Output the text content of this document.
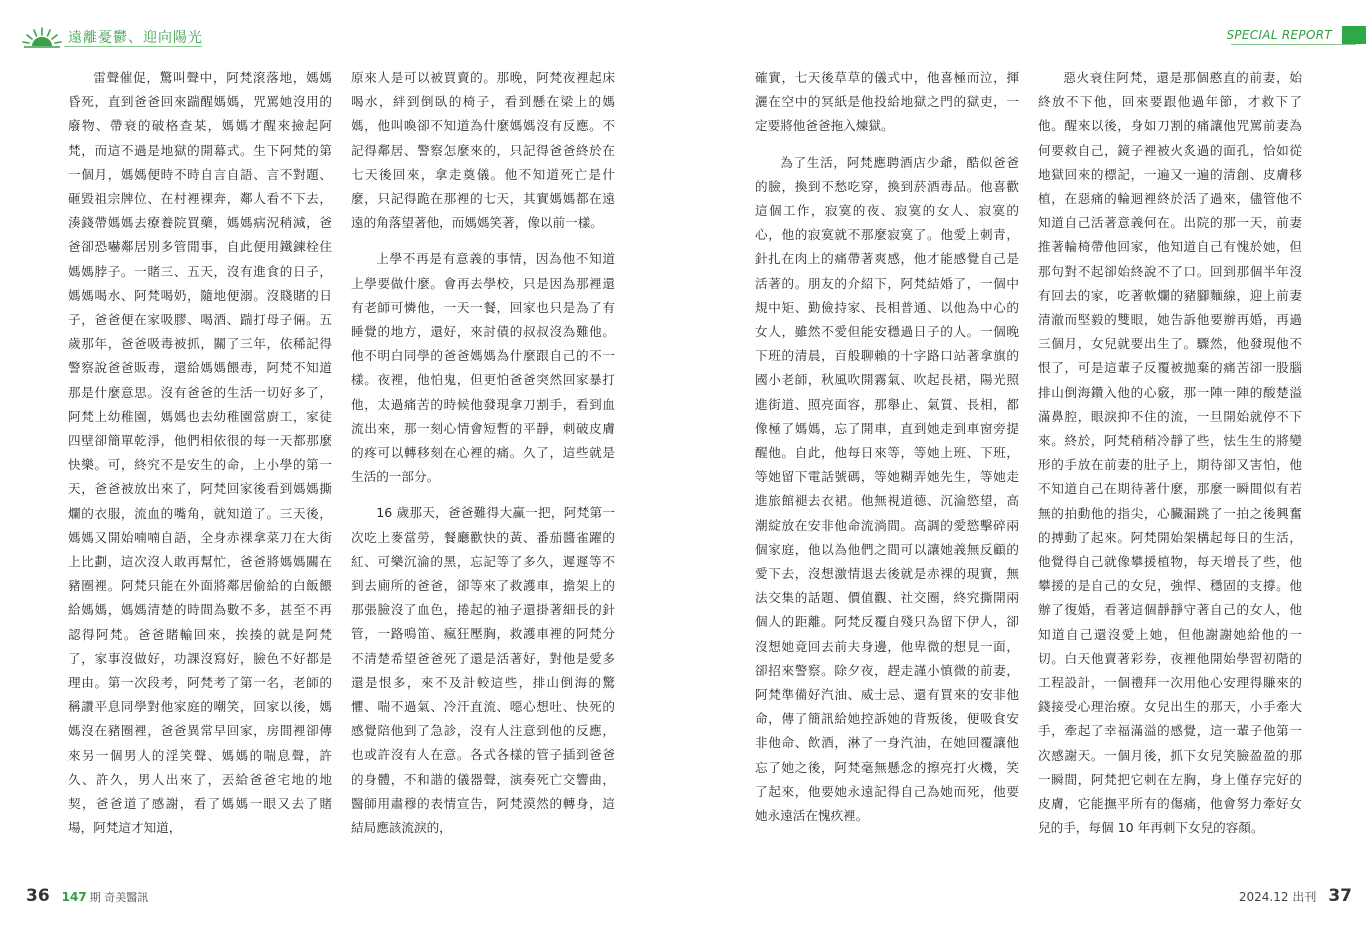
遠離憂鬱、迎向陽光

雷聲催促，驚叫聲中，阿梵滾落地，媽媽昏死，直到爸爸回來踹醒媽媽，咒罵她沒用的廢物、帶衰的破格查某，媽媽才醒來撿起阿梵，而這不過是地獄的開幕式。生下阿梵的第一個月，媽媽便時不時自言自語、言不對題、砸毀祖宗牌位、在村裡裸奔，鄰人看不下去，湊錢帶媽媽去療養院買藥，媽媽病況稍減，爸爸卻恐嚇鄰居別多管閒事，自此便用鐵鍊栓住媽媽脖子。一賭三、五天，沒有進食的日子，媽媽喝水、阿梵喝奶，隨地便溺。沒賤賭的日子，爸爸便在家吸膠、喝酒、踹打母子倆。五歲那年，爸爸吸毒被抓，關了三年，依稀記得警察說爸爸販毒，還給媽媽餵毒，阿梵不知道那是什麼意思。沒有爸爸的生活一切好多了，阿梵上幼稚園，媽媽也去幼稚園當廚工，家徒四壁卻簡單乾淨，他們相依很的每一天都那麼快樂。可，終究不是安生的命，上小學的第一天，爸爸被放出來了，阿梵回家後看到媽媽撕爛的衣服，流血的嘴角，就知道了。三天後，媽媽又開始喃喃自語，全身赤裸拿菜刀在大街上比劃，這次沒人敢再幫忙，爸爸將媽媽關在豬圈裡。阿梵只能在外面將鄰居偷給的白飯餵給媽媽，媽媽清楚的時間為數不多，甚至不再認得阿梵。爸爸賭輸回來，挨揍的就是阿梵了，家事沒做好，功課沒寫好，臉色不好都是理由。第一次段考，阿梵考了第一名，老師的稱讚平息同學對他家庭的嘲笑，回家以後，媽媽沒在豬圈裡，爸爸異常早回家，房間裡卻傳來另一個男人的淫笑聲、媽媽的喘息聲，許久、許久，男人出來了，丟給爸爸宅地的地契，爸爸道了感謝，看了媽媽一眼又去了賭場，阿梵這才知道，

原來人是可以被買賣的。那晚，阿梵夜裡起床喝水，絆到倒臥的椅子，看到懸在梁上的媽媽，他叫喚卻不知道為什麼媽媽沒有反應。不記得鄰居、警察怎麼來的，只記得爸爸終於在七天後回來，拿走奠儀。他不知道死亡是什麼，只記得跪在那裡的七天，其實媽媽都在遠遠的角落望著他，而媽媽笑著，像以前一樣。

上學不再是有意義的事情，因為他不知道上學要做什麼。會再去學校，只是因為那裡還有老師可憐他，一天一餐，回家也只是為了有睡覺的地方，還好，來討債的叔叔沒為難他。他不明白同學的爸爸媽媽為什麼跟自己的不一樣。夜裡，他怕鬼，但更怕爸爸突然回家暴打他，太過痛苦的時候他發現拿刀割手，看到血流出來，那一刻心情會短暫的平靜，刺破皮膚的疼可以轉移刻在心裡的痛。久了，這些就是生活的一部分。

16 歲那天，爸爸難得大赢一把，阿梵第一次吃上麥當勞，餐廳歡快的黃、番茄醬雀躍的紅、可樂沉淪的黑，忘記等了多久，遲遲等不到去廁所的爸爸，卻等來了救護車，擔架上的那張臉沒了血色，捲起的袖子還掛著細長的針管，一路鳴笛、瘋狂壓胸，救護車裡的阿梵分不清楚希望爸爸死了還是活著好，對他是愛多還是恨多，來不及計較這些，排山倒海的驚懼、喘不過氣、冷汗直流、噁心想吐、快死的感覺陪他到了急診，沒有人注意到他的反應，也或許沒有人在意。各式各樣的管子插到爸爸的身體，不和諧的儀器聲，演奏死亡交響曲，醫師用肅穆的表情宣告，阿梵漠然的轉身，這結局應該流淚的，

36 147 期 奇美醫訊
SPECIAL REPORT

確實，七天後草草的儀式中，他喜極而泣，揮灑在空中的冥紙是他投給地獄之門的獄吏，一定要將他爸爸拖入煉獄。

為了生活，阿梵應聘酒店少爺，酷似爸爸的臉，換到不愁吃穿，換到菸酒毒品。他喜歡這個工作，寂寞的夜、寂寞的女人、寂寞的心，他的寂寞就不那麼寂寞了。他愛上刺青，針扎在肉上的痛帶著爽感，他才能感覺自己是活著的。朋友的介紹下，阿梵結婚了，一個中規中矩、勤儉持家、長相普通、以他為中心的女人，雖然不愛但能安穩過日子的人。一個晚下班的清晨，百般聊賴的十字路口站著拿旗的國小老師，秋風吹開霧氣、吹起長裙，陽光照進街道、照亮面容，那舉止、氣質、長相，都像極了媽媽，忘了開車，直到她走到車窗旁提醒他。自此，他每日來等，等她上班、下班，等她留下電話號碼，等她糊弄她先生，等她走進旅館褪去衣裙。他無視道德、沉淪慾望，高潮綻放在安非他命流淌間。高調的愛慾擊碎兩個家庭，他以為他們之間可以讓她義無反顧的愛下去，沒想激情退去後就是赤裸的現實，無法交集的話題、價值觀、社交圈，終究撕開兩個人的距離。阿梵反覆自殘只為留下伊人，卻沒想她竟回去前夫身邊，他卑微的想見一面，卻招來警察。除夕夜，趕走謹小慎微的前妻，阿梵準備好汽油、威士忌、還有買來的安非他命，傳了簡訊給她控訴她的背叛後，便吸食安非他命、飲酒，淋了一身汽油，在她回覆讓他忘了她之後，阿梵毫無懸念的擦亮打火機，笑了起來，他要她永遠記得自己為她而死，他要她永遠活在愧疚裡。

惡火衰住阿梵，還是那個憨直的前妻，始終放不下他，回來要跟他過年節，才救下了他。醒來以後，身如刀割的痛讓他咒罵前妻為何要救自己，鏡子裡被火炙過的面孔，恰如從地獄回來的標記，一遍又一遍的清創、皮膚移植，在惡痛的輪迴裡終於活了過來，儘管他不知道自己活著意義何在。出院的那一天，前妻推著輪椅帶他回家，他知道自己有愧於她，但那句對不起卻始終說不了口。回到那個半年沒有回去的家，吃著軟爛的豬腳麵線，迎上前妻清澈而堅毅的雙眼，她告訴他要辦再婚，再過三個月，女兒就要出生了。驟然，他發現他不恨了，可是這輩子反覆被拋棄的痛苦卻一股腦排山倒海鑽入他的心竅，那一陣一陣的酸楚溢滿鼻腔，眼淚抑不住的流，一旦開始就停不下來。終於，阿梵稍稍冷靜了些，怯生生的將變形的手放在前妻的肚子上，期待卻又害怕，他不知道自己在期待著什麼，那麼一瞬間似有若無的拍動他的指尖，心臟漏跳了一拍之後興奮的搏動了起來。阿梵開始架構起每日的生活，他覺得自己就像攀援植物，每天增長了些，他攀援的是自己的女兒，強悍、穩固的支撐。他辦了復婚，看著這個靜靜守著自己的女人，他知道自己還沒愛上她，但他謝謝她給他的一切。白天他賣著彩券，夜裡他開始學習初階的工程設計，一個禮拜一次用他心安理得賺來的錢接受心理治療。女兒出生的那天，小手牽大手，牽起了幸福滿溢的感覺，這一輩子他第一次感謝天。一個月後，抓下女兒笑臉盈盈的那一瞬間，阿梵把它刺在左胸，身上僅存完好的皮膚，它能撫平所有的傷痛，他會努力牽好女兒的手，每個 10 年再刺下女兒的容顏。

2024.12 出刊 37
